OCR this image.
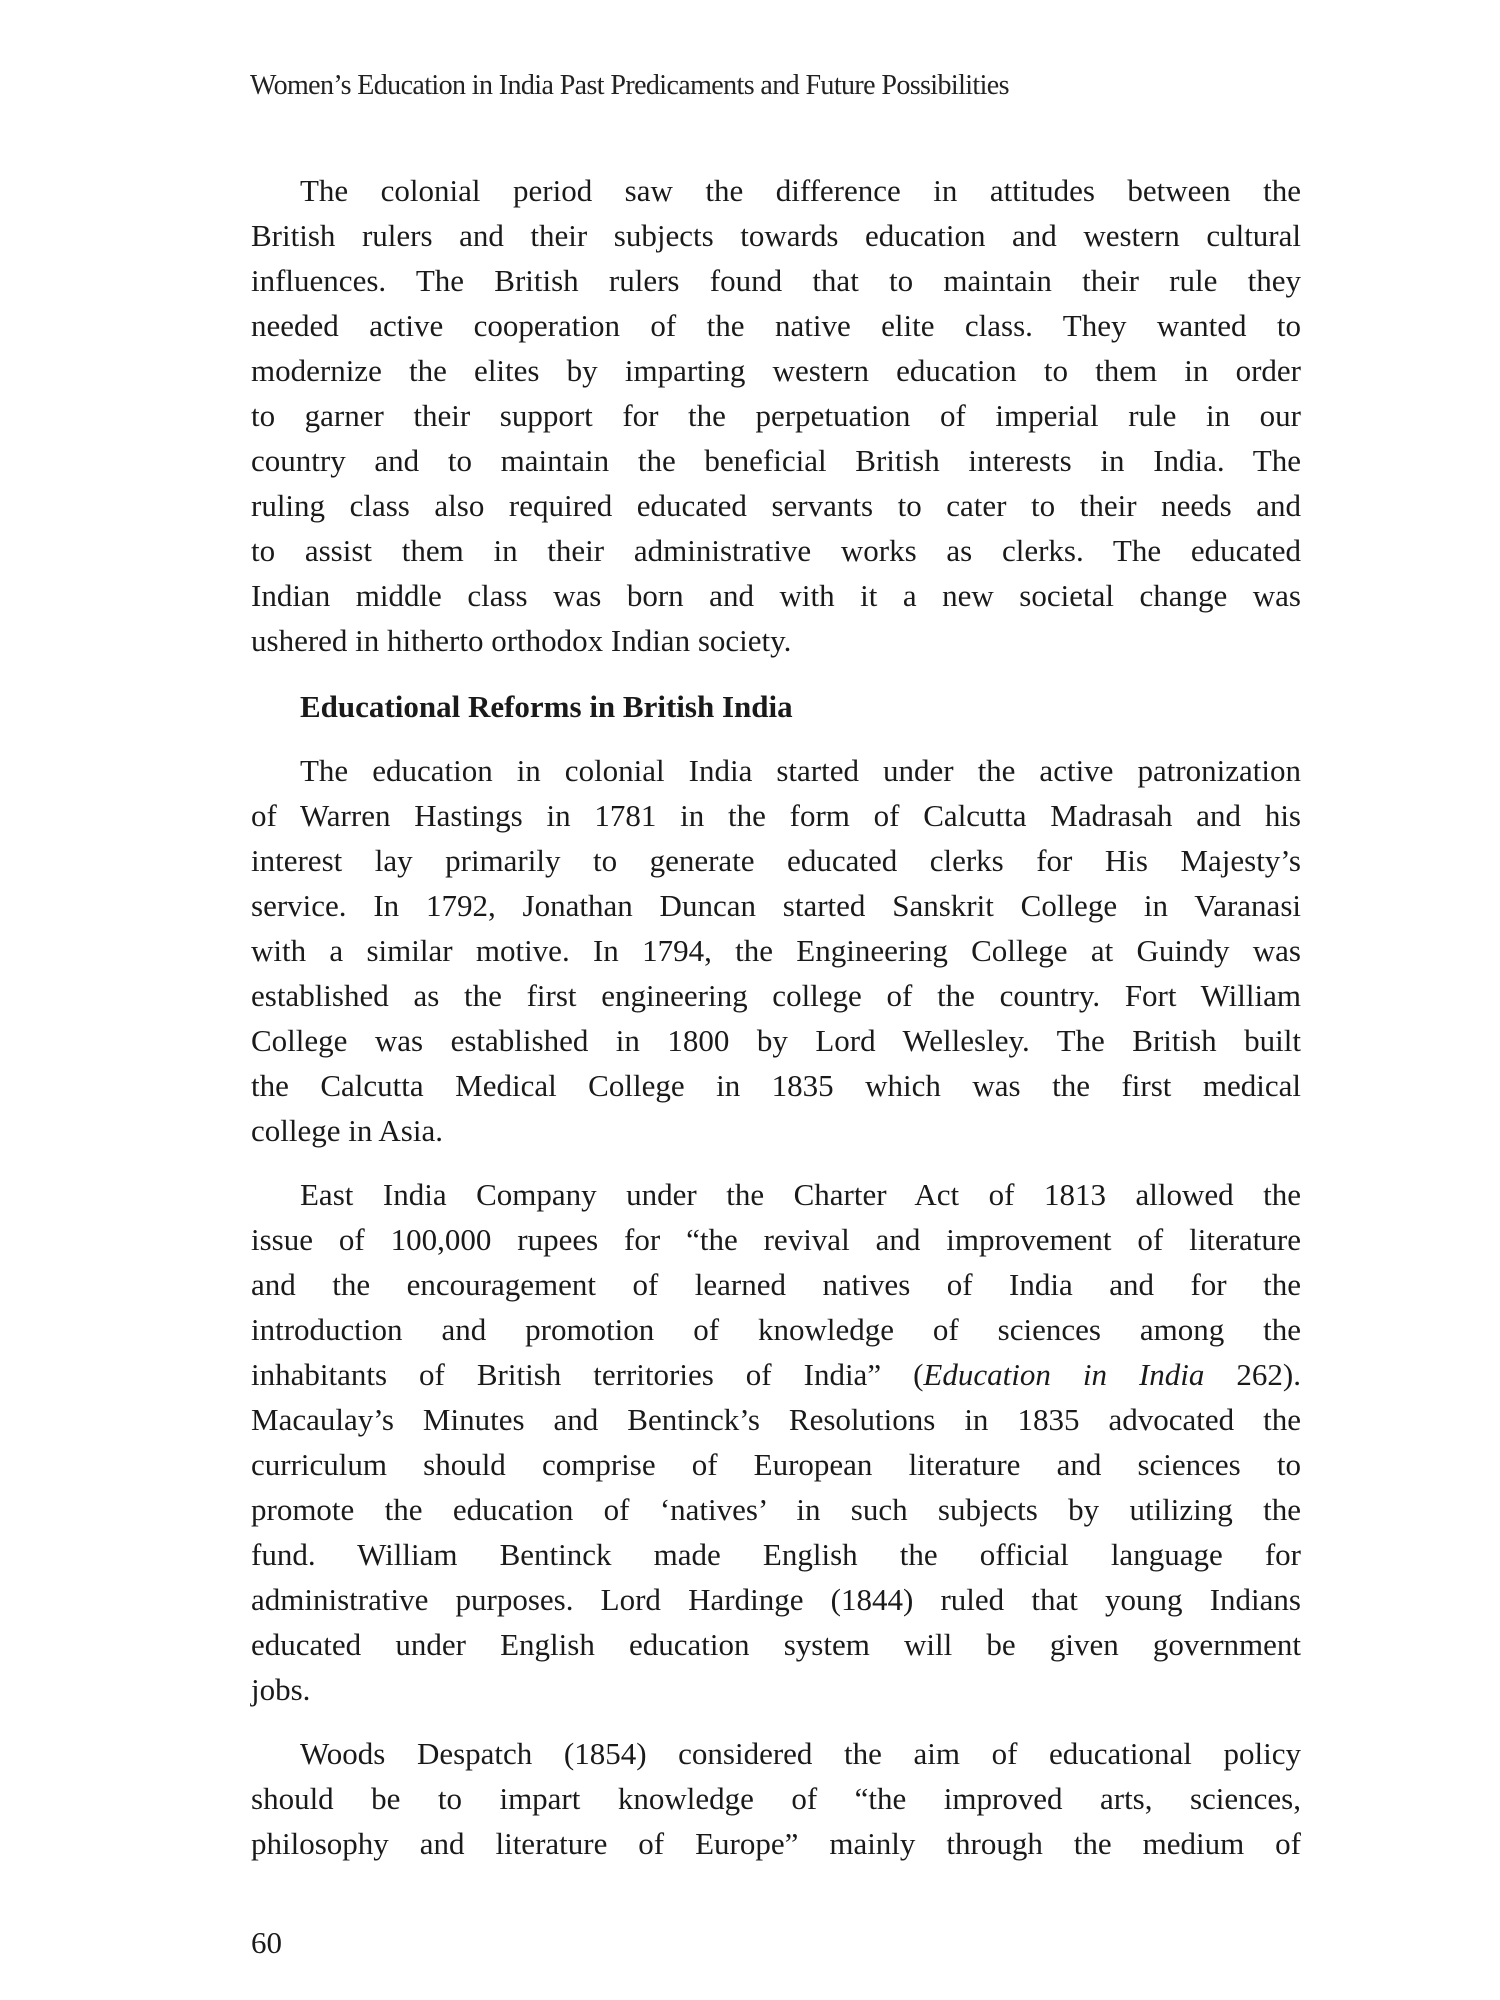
Women’s Education in India Past Predicaments and Future Possibilities
The colonial period saw the difference in attitudes between the
British rulers and their subjects towards education and western cultural
influences. The British rulers found that to maintain their rule they
needed active cooperation of the native elite class. They wanted to
modernize the elites by imparting western education to them in order
to garner their support for the perpetuation of imperial rule in our
country and to maintain the beneficial British interests in India. The
ruling class also required educated servants to cater to their needs and
to assist them in their administrative works as clerks. The educated
Indian middle class was born and with it a new societal change was
ushered in hitherto orthodox Indian society.
Educational Reforms in British India
The education in colonial India started under the active patronization
of Warren Hastings in 1781 in the form of Calcutta Madrasah and his
interest lay primarily to generate educated clerks for His Majesty’s
service. In 1792, Jonathan Duncan started Sanskrit College in Varanasi
with a similar motive. In 1794, the Engineering College at Guindy was
established as the first engineering college of the country. Fort William
College was established in 1800 by Lord Wellesley. The British built
the Calcutta Medical College in 1835 which was the first medical
college in Asia.
East India Company under the Charter Act of 1813 allowed the
issue of 100,000 rupees for “the revival and improvement of literature
and the encouragement of learned natives of India and for the
introduction and promotion of knowledge of sciences among the
inhabitants of British territories of India” (Education in India 262).
Macaulay’s Minutes and Bentinck’s Resolutions in 1835 advocated the
curriculum should comprise of European literature and sciences to
promote the education of ‘natives’ in such subjects by utilizing the
fund. William Bentinck made English the official language for
administrative purposes. Lord Hardinge (1844) ruled that young Indians
educated under English education system will be given government
jobs.
Woods Despatch (1854) considered the aim of educational policy
should be to impart knowledge of “the improved arts, sciences,
philosophy and literature of Europe” mainly through the medium of
60
